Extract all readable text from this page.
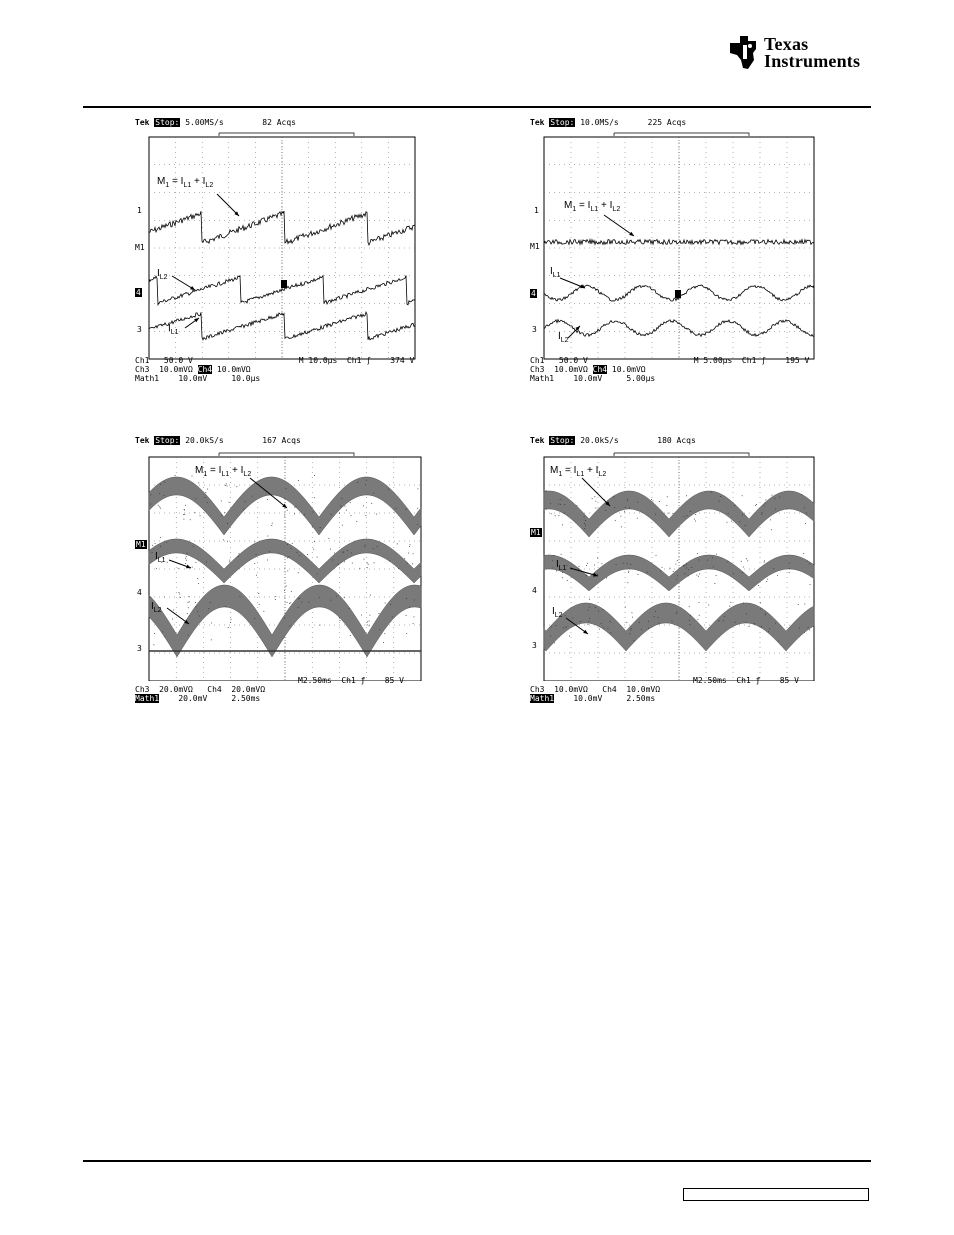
Texas
Instruments
Tek Stop: 5.00MS/s	82 Acqs
Ch1   50.0 V	M 10.0µs  Ch1 ƒ    374 V
Ch3  10.0mVΩ Ch4 10.0mVΩ
Math1    10.0mV     10.0µs
$M_1 = I_{L1} + I_{L2}$
$I_{L2}$
$I_{L1}$
1
M1
4
3
Tek Stop: 10.0MS/s	225 Acqs
Ch1   50.0 V	M 5.00µs  Ch1 ƒ    195 V
Ch3  10.0mVΩ Ch4 10.0mVΩ
Math1    10.0mV     5.00µs
$M_1 = I_{L1} + I_{L2}$
$I_{L1}$
$I_{L2}$
1
M1
4
3
Tek Stop: 20.0kS/s	167 Acqs
M2.50ms  Ch1 ƒ    85 V
Ch3  20.0mVΩ   Ch4  20.0mVΩ
Math1    20.0mV     2.50ms
$M_1 = I_{L1} + I_{L2}$
$I_{L1}$
$I_{L2}$
M1
4
3
Tek Stop: 20.0kS/s	180 Acqs
M2.50ms  Ch1 ƒ    85 V
Ch3  10.0mVΩ   Ch4  10.0mVΩ
Math1    10.0mV     2.50ms
$M_1 = I_{L1} + I_{L2}$
$I_{L1}$
$I_{L2}$
M1
4
3
